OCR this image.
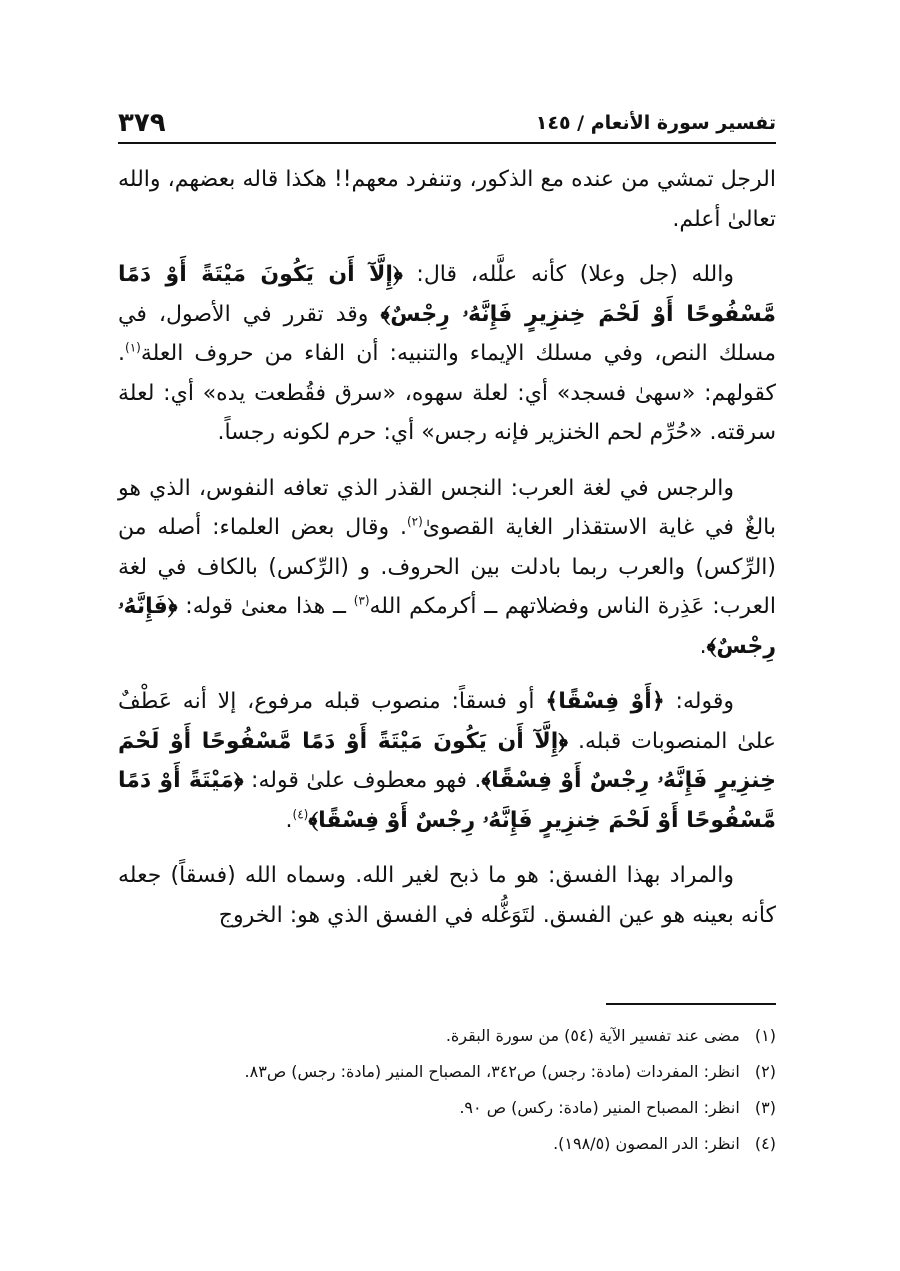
تفسير سورة الأنعام / ١٤٥
٣٧٩

الرجل تمشي من عنده مع الذكور، وتنفرد معهم!! هكذا قاله بعضهم، والله تعالىٰ أعلم.

والله (جل وعلا) كأنه علَّله، قال: ﴿إِلَّآ أَن يَكُونَ مَيْتَةً أَوْ دَمًا مَّسْفُوحًا أَوْ لَحْمَ خِنزِيرٍ فَإِنَّهُۥ رِجْسٌ﴾ وقد تقرر في الأصول، في مسلك النص، وفي مسلك الإيماء والتنبيه: أن الفاء من حروف العلة$^{(١)}$. كقولهم: «سهىٰ فسجد» أي: لعلة سهوه، «سرق فقُطعت يده» أي: لعلة سرقته. «حُرِّم لحم الخنزير فإنه رجس» أي: حرم لكونه رجساً.

والرجس في لغة العرب: النجس القذر الذي تعافه النفوس، الذي هو بالغٌ في غاية الاستقذار الغاية القصوىٰ$^{(٢)}$. وقال بعض العلماء: أصله من (الرِّكس) والعرب ربما بادلت بين الحروف. و (الرِّكس) بالكاف في لغة العرب: عَذِرة الناس وفضلاتهم ــ أكرمكم الله$^{(٣)}$ ــ هذا معنىٰ قوله: ﴿فَإِنَّهُۥ رِجْسٌ﴾.

وقوله: ﴿أَوْ فِسْقًا﴾ أو فسقاً: منصوب قبله مرفوع، إلا أنه عَطْفٌ علىٰ المنصوبات قبله. ﴿إِلَّآ أَن يَكُونَ مَيْتَةً أَوْ دَمًا مَّسْفُوحًا أَوْ لَحْمَ خِنزِيرٍ فَإِنَّهُۥ رِجْسٌ أَوْ فِسْقًا﴾. فهو معطوف علىٰ قوله: ﴿مَيْتَةً أَوْ دَمًا مَّسْفُوحًا أَوْ لَحْمَ خِنزِيرٍ فَإِنَّهُۥ رِجْسٌ أَوْ فِسْقًا﴾$^{(٤)}$.

والمراد بهذا الفسق: هو ما ذبح لغير الله. وسماه الله (فسقاً) جعله كأنه بعينه هو عين الفسق. لتَوَغُّله في الفسق الذي هو: الخروج

(١) مضى عند تفسير الآية (٥٤) من سورة البقرة.

(٢) انظر: المفردات (مادة: رجس) ص٣٤٢، المصباح المنير (مادة: رجس) ص٨٣.

(٣) انظر: المصباح المنير (مادة: ركس) ص ٩٠.

(٤) انظر: الدر المصون (١٩٨/٥).
